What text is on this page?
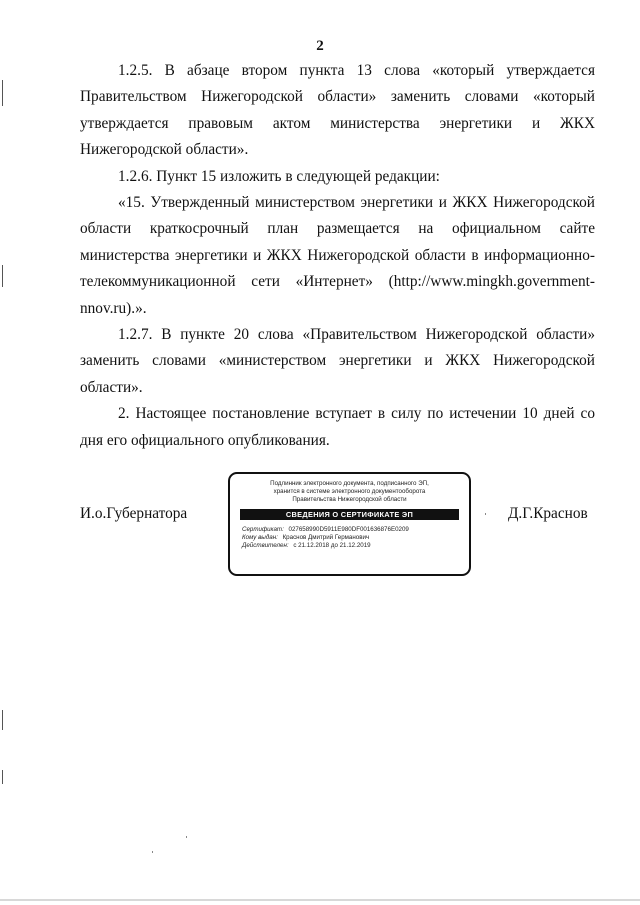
2

1.2.5. В абзаце втором пункта 13 слова «который утверждается Правительством Нижегородской области» заменить словами «который утверждается правовым актом министерства энергетики и ЖКХ Нижегородской области».

1.2.6. Пункт 15 изложить в следующей редакции:

«15. Утвержденный министерством энергетики и ЖКХ Нижегородской области краткосрочный план размещается на официальном сайте министерства энергетики и ЖКХ Нижегородской области в информационно-телекоммуникационной сети «Интернет» (http://www.mingkh.government-nnov.ru).».

1.2.7. В пункте 20 слова «Правительством Нижегородской области» заменить словами «министерством энергетики и ЖКХ Нижегородской области».

2. Настоящее постановление вступает в силу по истечении 10 дней со дня его официального опубликования.

И.о.Губернатора
Подлинник электронного документа, подписанного ЭП,
хранится в системе электронного документооборота
Правительства Нижегородской области
СВЕДЕНИЯ О СЕРТИФИКАТЕ ЭП
Сертификат: 027658990D5911E980DF001636876E0209
Кому выдан: Краснов Дмитрий Германович
Действителен: с 21.12.2018 до 21.12.2019
Д.Г.Краснов
